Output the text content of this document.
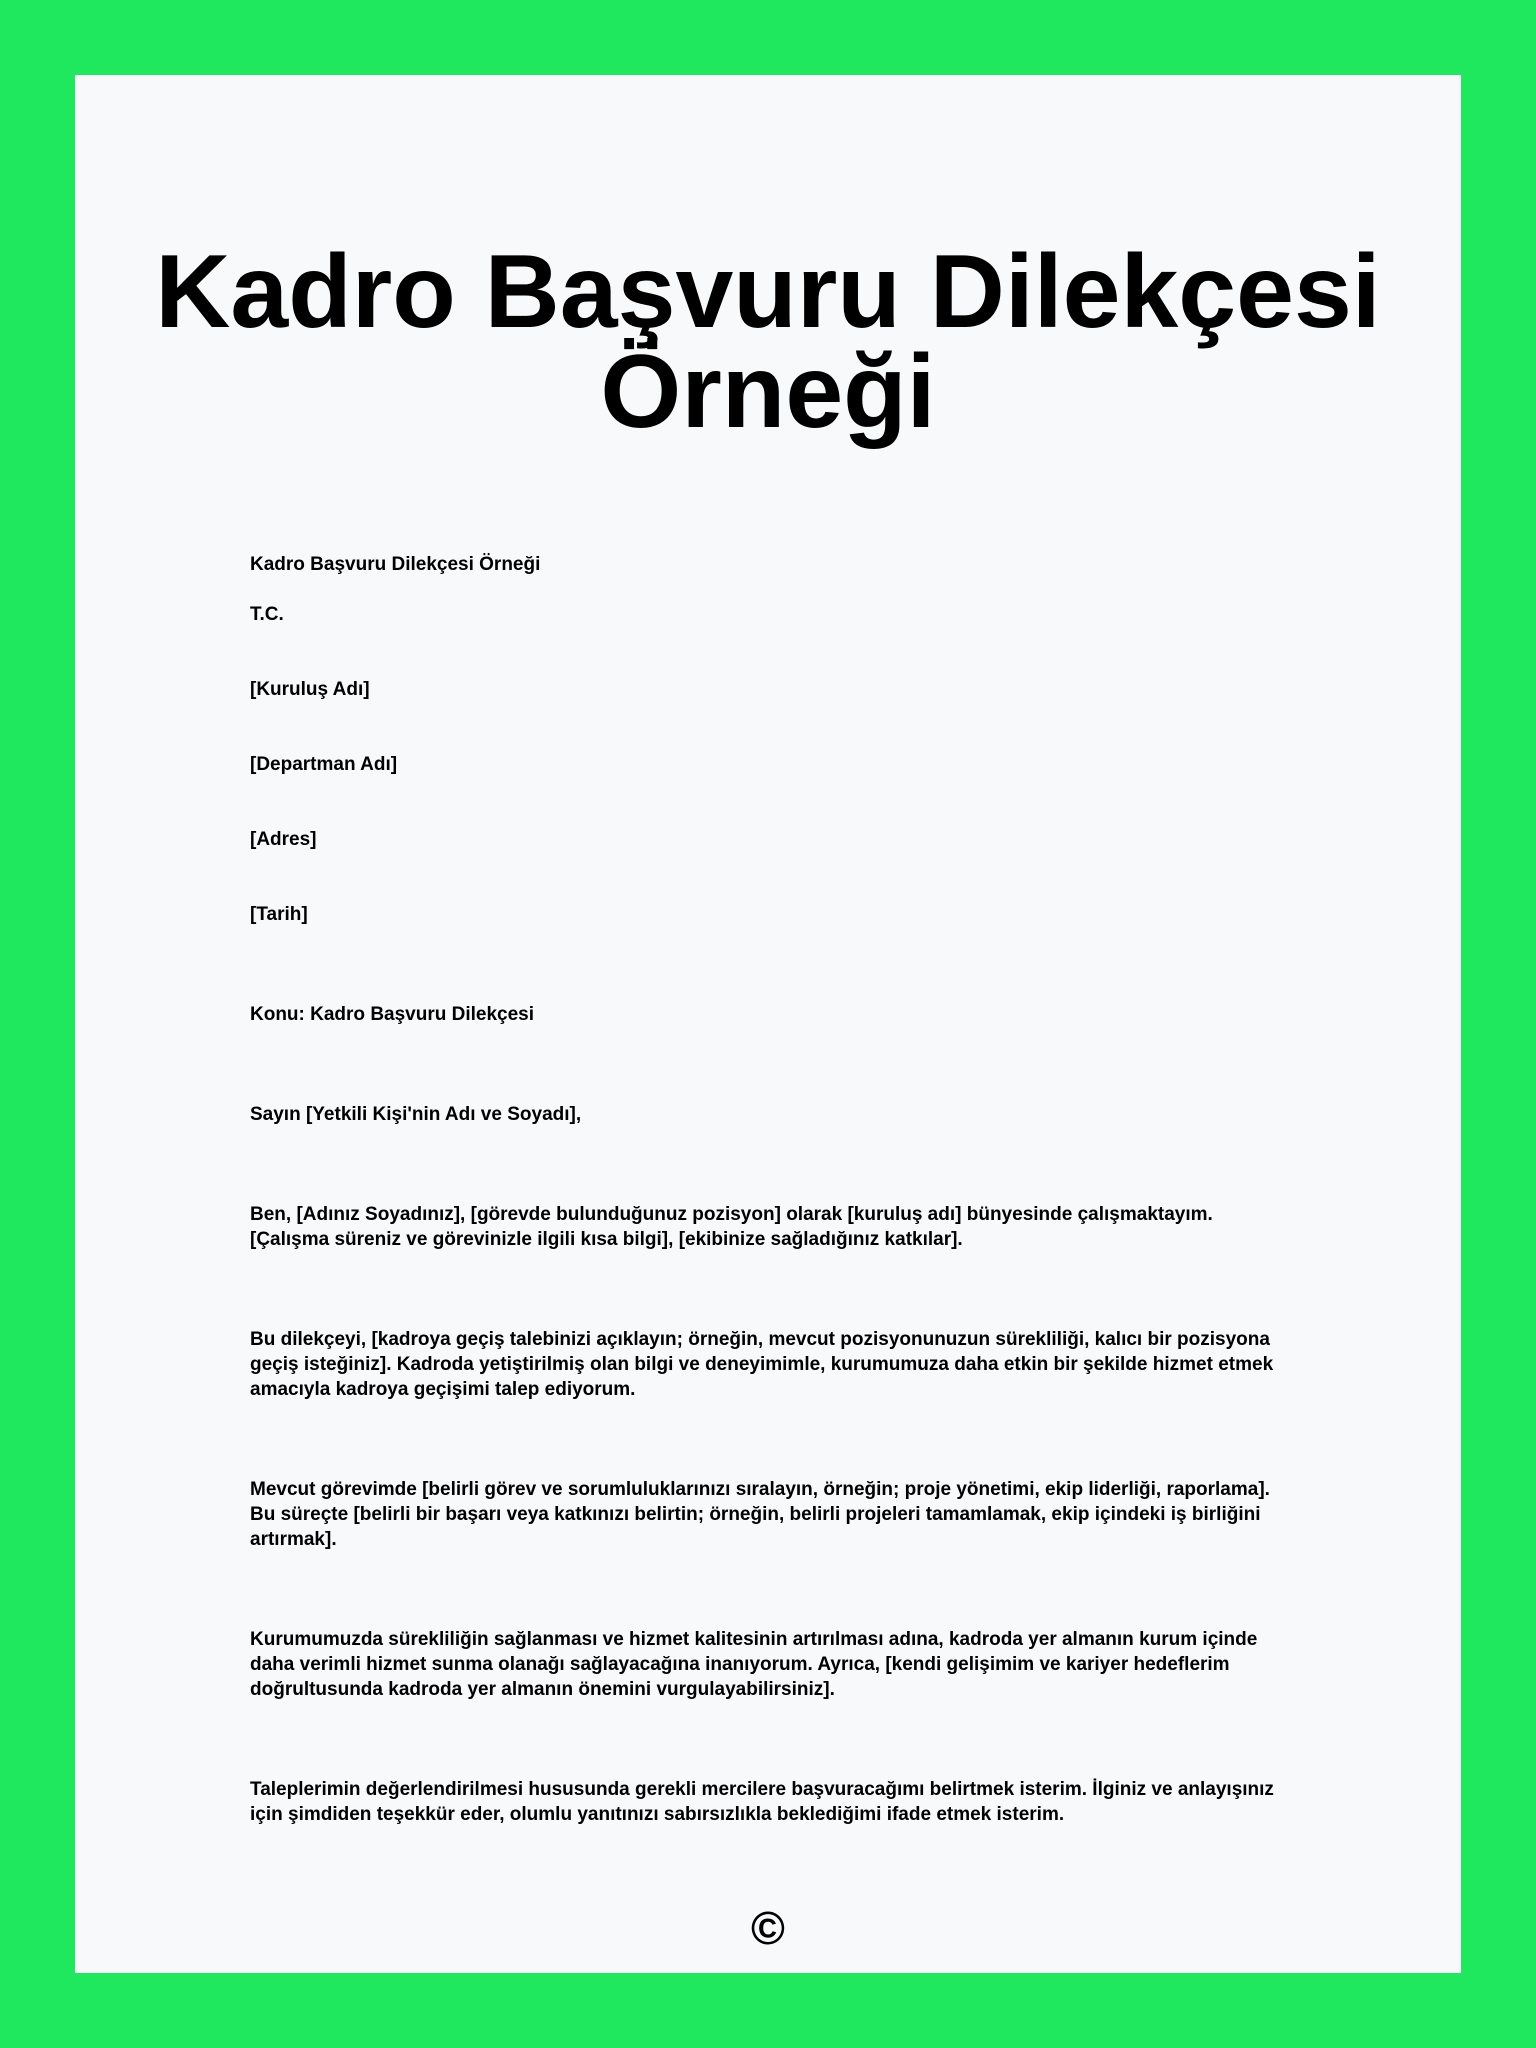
Kadro Başvuru Dilekçesi Örneği

Kadro Başvuru Dilekçesi Örneği

T.C.

[Kuruluş Adı]

[Departman Adı]

[Adres]

[Tarih]

Konu: Kadro Başvuru Dilekçesi

Sayın [Yetkili Kişi'nin Adı ve Soyadı],

Ben, [Adınız Soyadınız], [görevde bulunduğunuz pozisyon] olarak [kuruluş adı] bünyesinde çalışmaktayım. [Çalışma süreniz ve görevinizle ilgili kısa bilgi], [ekibinize sağladığınız katkılar].

Bu dilekçeyi, [kadroya geçiş talebinizi açıklayın; örneğin, mevcut pozisyonunuzun sürekliliği, kalıcı bir pozisyona geçiş isteğiniz]. Kadroda yetiştirilmiş olan bilgi ve deneyimimle, kurumumuza daha etkin bir şekilde hizmet etmek amacıyla kadroya geçişimi talep ediyorum.

Mevcut görevimde [belirli görev ve sorumluluklarınızı sıralayın, örneğin; proje yönetimi, ekip liderliği, raporlama]. Bu süreçte [belirli bir başarı veya katkınızı belirtin; örneğin, belirli projeleri tamamlamak, ekip içindeki iş birliğini artırmak].

Kurumumuzda sürekliliğin sağlanması ve hizmet kalitesinin artırılması adına, kadroda yer almanın kurum içinde daha verimli hizmet sunma olanağı sağlayacağına inanıyorum. Ayrıca, [kendi gelişimim ve kariyer hedeflerim doğrultusunda kadroda yer almanın önemini vurgulayabilirsiniz].

Taleplerimin değerlendirilmesi hususunda gerekli mercilere başvuracağımı belirtmek isterim. İlginiz ve anlayışınız için şimdiden teşekkür eder, olumlu yanıtınızı sabırsızlıkla beklediğimi ifade etmek isterim.

©
